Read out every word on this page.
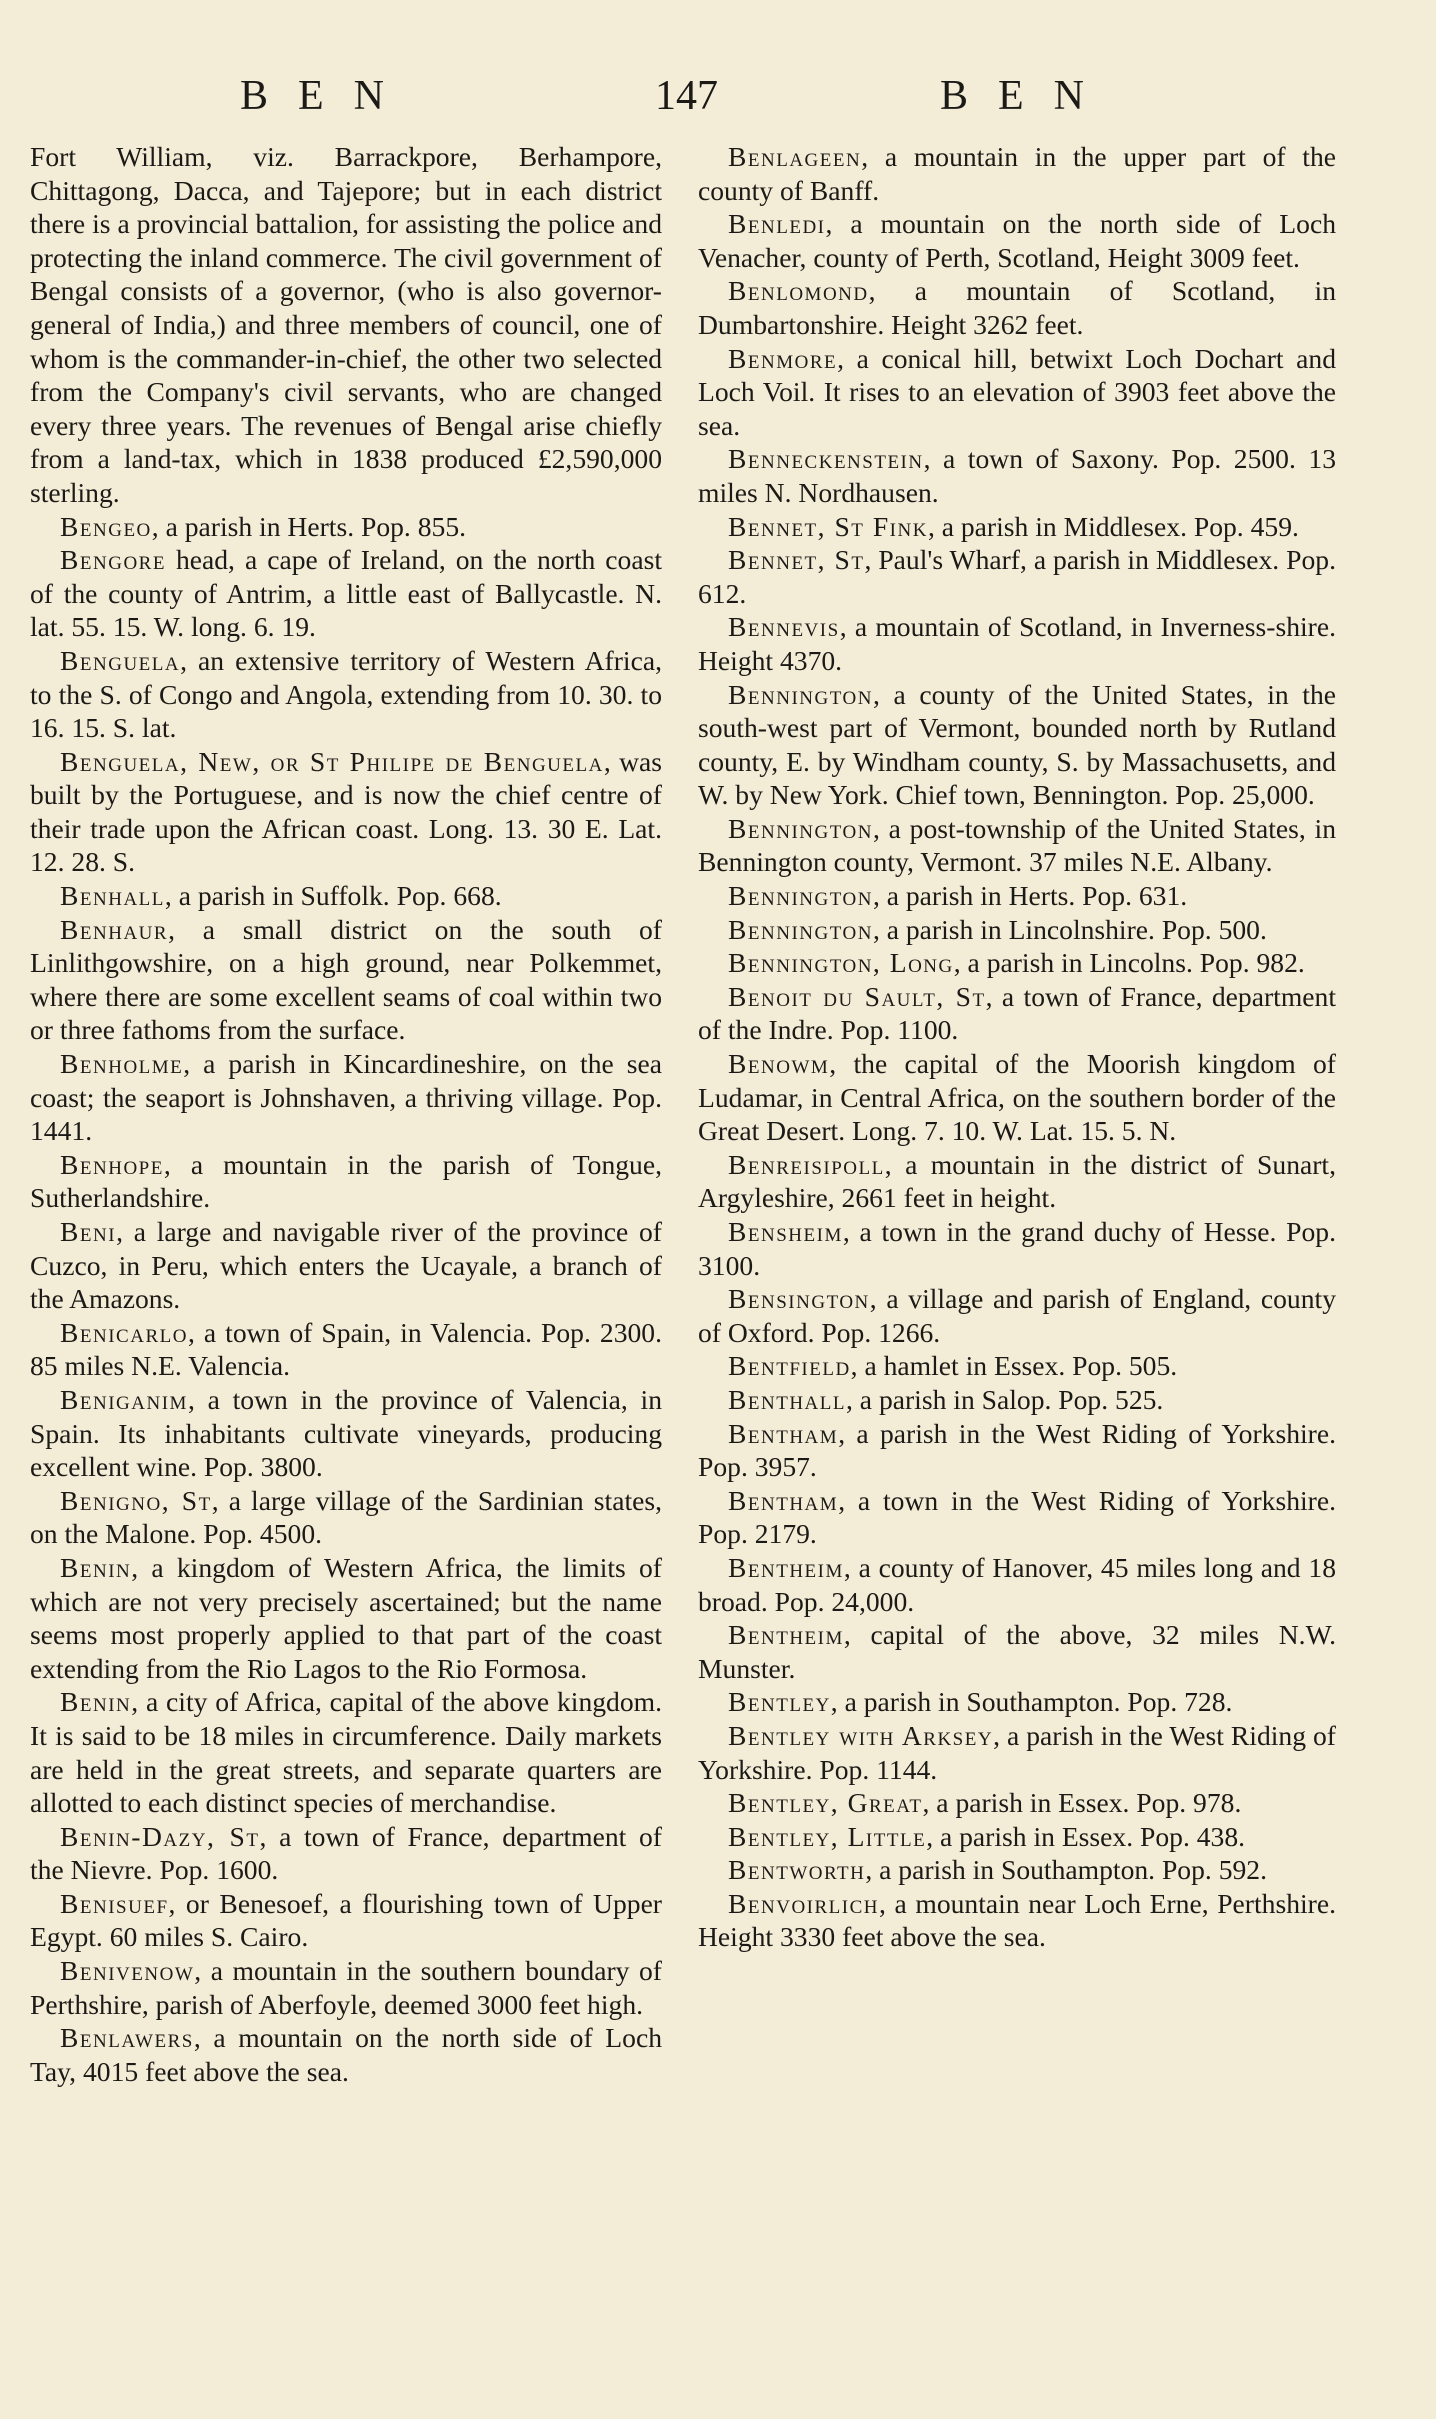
BEN	147	BEN

Fort William, viz. Barrackpore, Berhampore, Chittagong, Dacca, and Tajepore; but in each district there is a provincial battalion, for assisting the police and protecting the inland commerce. The civil government of Bengal consists of a governor, (who is also governor-general of India,) and three members of council, one of whom is the commander-in-chief, the other two selected from the Company's civil servants, who are changed every three years. The revenues of Bengal arise chiefly from a land-tax, which in 1838 produced £2,590,000 sterling.

Bengeo, a parish in Herts. Pop. 855.

Bengore head, a cape of Ireland, on the north coast of the county of Antrim, a little east of Ballycastle. N. lat. 55. 15. W. long. 6. 19.

Benguela, an extensive territory of Western Africa, to the S. of Congo and Angola, extending from 10. 30. to 16. 15. S. lat.

Benguela, New, or St Philipe de Benguela, was built by the Portuguese, and is now the chief centre of their trade upon the African coast. Long. 13. 30 E. Lat. 12. 28. S.

Benhall, a parish in Suffolk. Pop. 668.

Benhaur, a small district on the south of Linlithgowshire, on a high ground, near Polkemmet, where there are some excellent seams of coal within two or three fathoms from the surface.

Benholme, a parish in Kincardineshire, on the sea coast; the seaport is Johnshaven, a thriving village. Pop. 1441.

Benhope, a mountain in the parish of Tongue, Sutherlandshire.

Beni, a large and navigable river of the province of Cuzco, in Peru, which enters the Ucayale, a branch of the Amazons.

Benicarlo, a town of Spain, in Valencia. Pop. 2300. 85 miles N.E. Valencia.

Beniganim, a town in the province of Valencia, in Spain. Its inhabitants cultivate vineyards, producing excellent wine. Pop. 3800.

Benigno, St, a large village of the Sardinian states, on the Malone. Pop. 4500.

Benin, a kingdom of Western Africa, the limits of which are not very precisely ascertained; but the name seems most properly applied to that part of the coast extending from the Rio Lagos to the Rio Formosa.

Benin, a city of Africa, capital of the above kingdom. It is said to be 18 miles in circumference. Daily markets are held in the great streets, and separate quarters are allotted to each distinct species of merchandise.

Benin-Dazy, St, a town of France, department of the Nievre. Pop. 1600.

Benisuef, or Benesoef, a flourishing town of Upper Egypt. 60 miles S. Cairo.

Benivenow, a mountain in the southern boundary of Perthshire, parish of Aberfoyle, deemed 3000 feet high.

Benlawers, a mountain on the north side of Loch Tay, 4015 feet above the sea.

Benlageen, a mountain in the upper part of the county of Banff.

Benledi, a mountain on the north side of Loch Venacher, county of Perth, Scotland, Height 3009 feet.

Benlomond, a mountain of Scotland, in Dumbartonshire. Height 3262 feet.

Benmore, a conical hill, betwixt Loch Dochart and Loch Voil. It rises to an elevation of 3903 feet above the sea.

Benneckenstein, a town of Saxony. Pop. 2500. 13 miles N. Nordhausen.

Bennet, St Fink, a parish in Middlesex. Pop. 459.

Bennet, St, Paul's Wharf, a parish in Middlesex. Pop. 612.

Bennevis, a mountain of Scotland, in Inverness-shire. Height 4370.

Bennington, a county of the United States, in the south-west part of Vermont, bounded north by Rutland county, E. by Windham county, S. by Massachusetts, and W. by New York. Chief town, Bennington. Pop. 25,000.

Bennington, a post-township of the United States, in Bennington county, Vermont. 37 miles N.E. Albany.

Bennington, a parish in Herts. Pop. 631.

Bennington, a parish in Lincolnshire. Pop. 500.

Bennington, Long, a parish in Lincolns. Pop. 982.

Benoit du Sault, St, a town of France, department of the Indre. Pop. 1100.

Benowm, the capital of the Moorish kingdom of Ludamar, in Central Africa, on the southern border of the Great Desert. Long. 7. 10. W. Lat. 15. 5. N.

Benreisipoll, a mountain in the district of Sunart, Argyleshire, 2661 feet in height.

Bensheim, a town in the grand duchy of Hesse. Pop. 3100.

Bensington, a village and parish of England, county of Oxford. Pop. 1266.

Bentfield, a hamlet in Essex. Pop. 505.

Benthall, a parish in Salop. Pop. 525.

Bentham, a parish in the West Riding of Yorkshire. Pop. 3957.

Bentham, a town in the West Riding of Yorkshire. Pop. 2179.

Bentheim, a county of Hanover, 45 miles long and 18 broad. Pop. 24,000.

Bentheim, capital of the above, 32 miles N.W. Munster.

Bentley, a parish in Southampton. Pop. 728.

Bentley with Arksey, a parish in the West Riding of Yorkshire. Pop. 1144.

Bentley, Great, a parish in Essex. Pop. 978.

Bentley, Little, a parish in Essex. Pop. 438.

Bentworth, a parish in Southampton. Pop. 592.

Benvoirlich, a mountain near Loch Erne, Perthshire. Height 3330 feet above the sea.
